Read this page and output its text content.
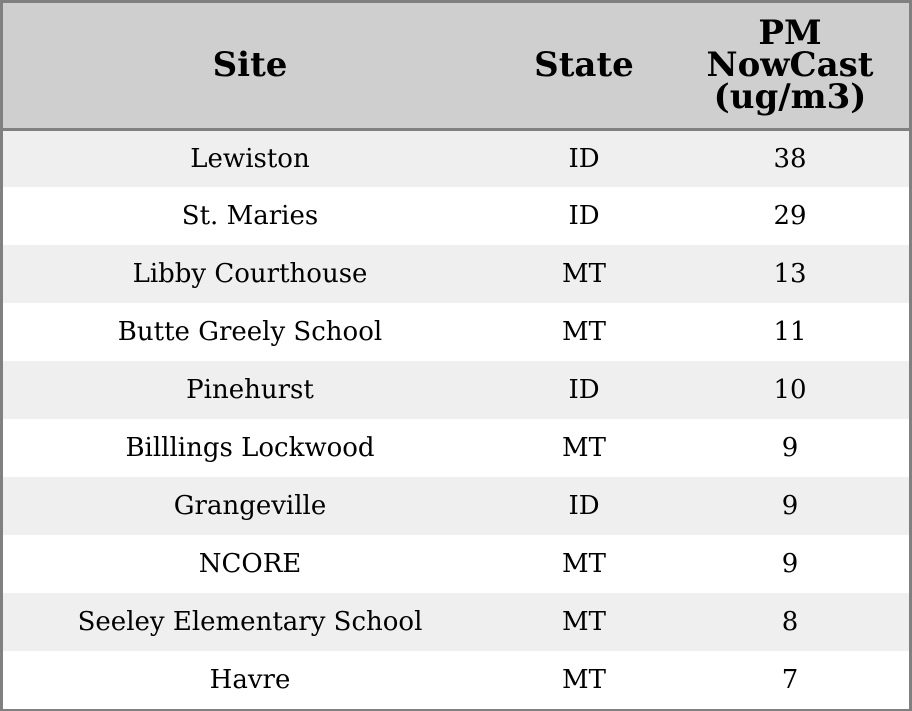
Site	State	PM
NowCast
(ug/m3)
Lewiston	ID	38
St. Maries	ID	29
Libby Courthouse	MT	13
Butte Greely School	MT	11
Pinehurst	ID	10
Billlings Lockwood	MT	9
Grangeville	ID	9
NCORE	MT	9
Seeley Elementary School	MT	8
Havre	MT	7
